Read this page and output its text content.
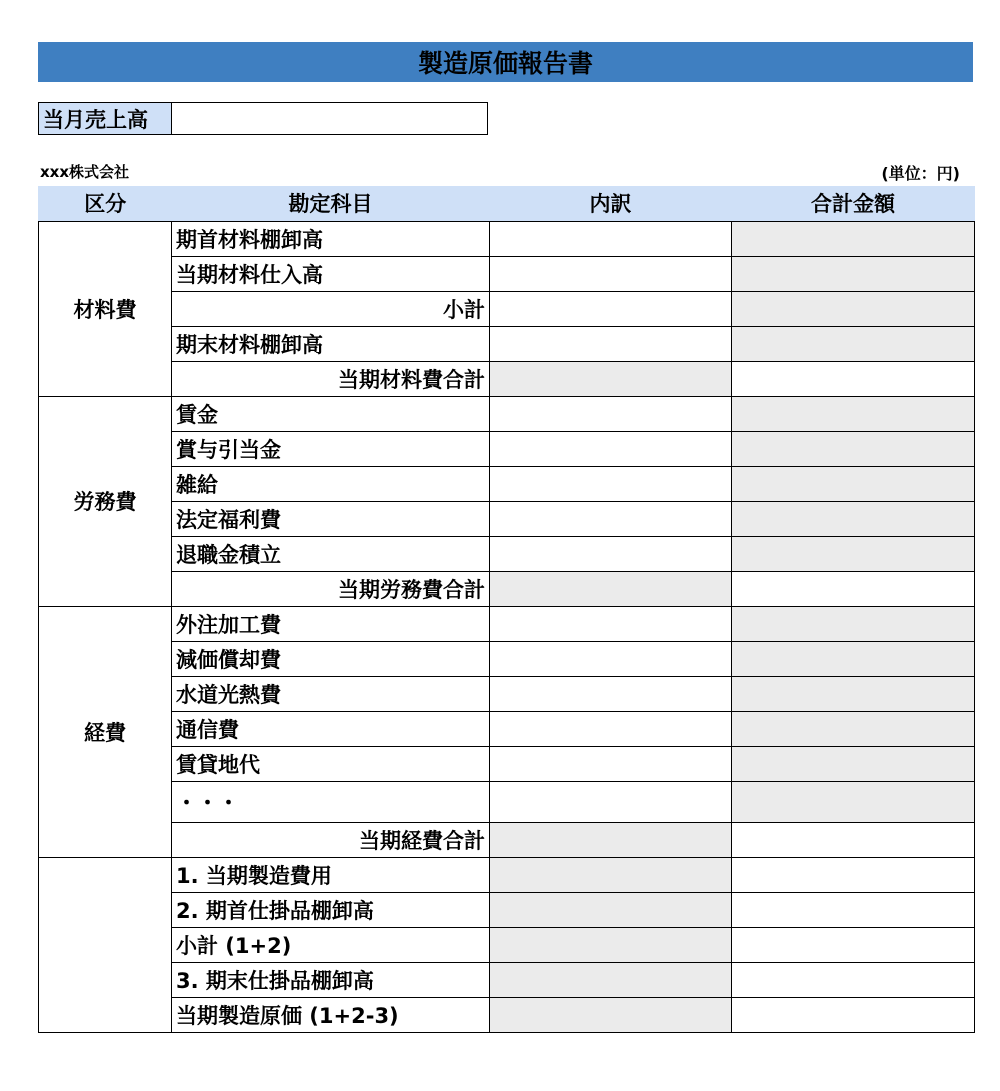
製造原価報告書
当月売上高
xxx株式会社	(単位：円)
区分	勘定科目	内訳	合計金額
材料費	期首材料棚卸高		
	当期材料仕入高		
	小計		
	期末材料棚卸高		
	当期材料費合計		
労務費	賃金		
	賞与引当金		
	雑給		
	法定福利費		
	退職金積立		
	当期労務費合計		
経費	外注加工費		
	減価償却費		
	水道光熱費		
	通信費		
	賃貸地代		
	・・・		
	当期経費合計		
	1. 当期製造費用		
	2. 期首仕掛品棚卸高		
	小計 (1+2)		
	3. 期末仕掛品棚卸高		
	当期製造原価 (1+2-3)		
